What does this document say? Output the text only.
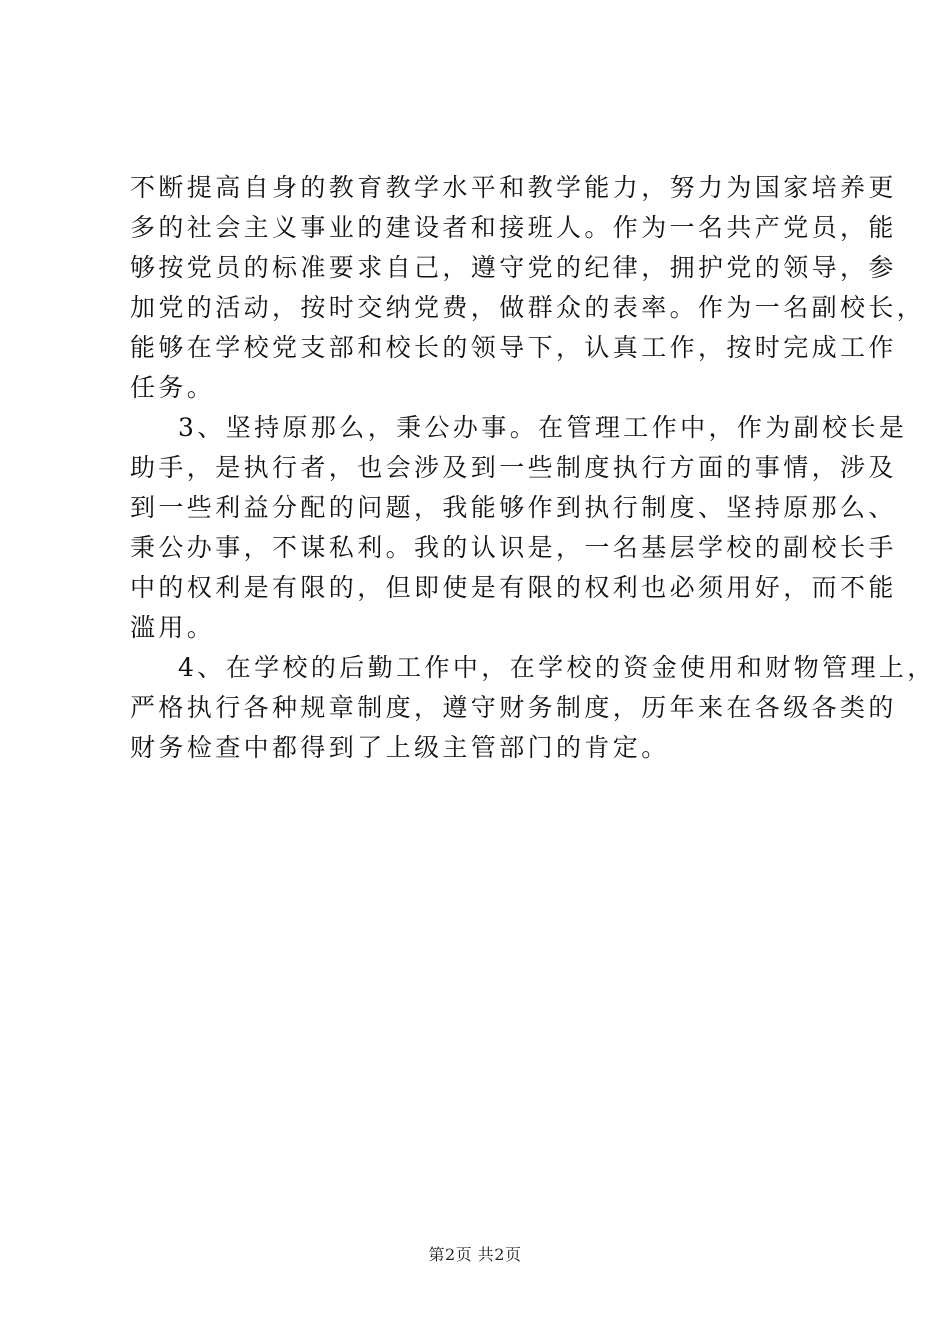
不断提高自身的教育教学水平和教学能力，努力为国家培养更
多的社会主义事业的建设者和接班人。作为一名共产党员，能
够按党员的标准要求自己，遵守党的纪律，拥护党的领导，参
加党的活动，按时交纳党费，做群众的表率。作为一名副校长，
能够在学校党支部和校长的领导下，认真工作，按时完成工作
任务。

3、坚持原那么，秉公办事。在管理工作中，作为副校长是
助手，是执行者，也会涉及到一些制度执行方面的事情，涉及
到一些利益分配的问题，我能够作到执行制度、坚持原那么、
秉公办事，不谋私利。我的认识是，一名基层学校的副校长手
中的权利是有限的，但即使是有限的权利也必须用好，而不能
滥用。

4、在学校的后勤工作中，在学校的资金使用和财物管理上，
严格执行各种规章制度，遵守财务制度，历年来在各级各类的
财务检查中都得到了上级主管部门的肯定。

第2页 共2页
